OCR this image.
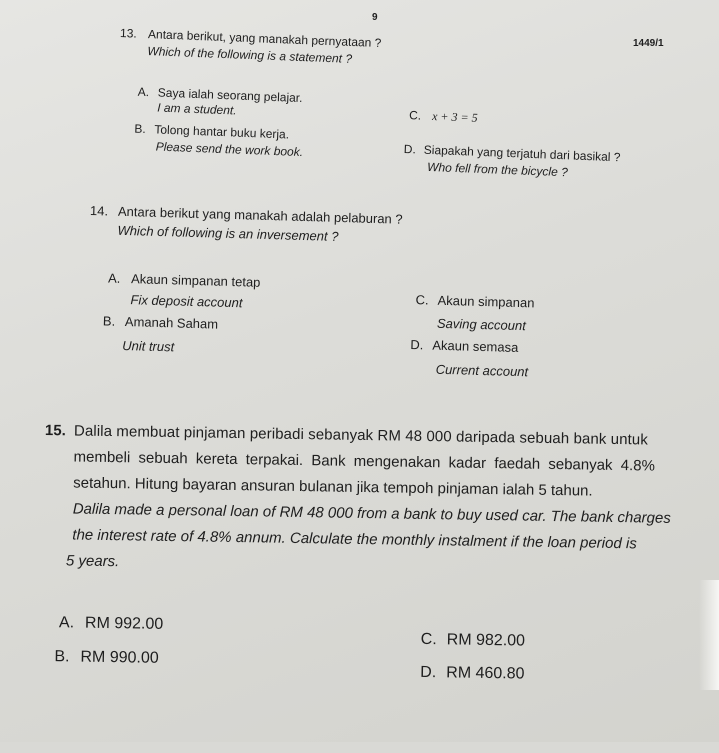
9
1449/1
13. Antara berikut, yang manakah pernyataan ?
Which of the following is a statement ?
A. Saya ialah seorang pelajar.
I am a student.
B. Tolong hantar buku kerja.
Please send the work book.
C. x + 3 = 5
D. Siapakah yang terjatuh dari basikal ?
Who fell from the bicycle ?
14. Antara berikut yang manakah adalah pelaburan ?
Which of following is an inversement ?
A. Akaun simpanan tetap
Fix deposit account
B. Amanah Saham
Unit trust
C. Akaun simpanan
Saving account
D. Akaun semasa
Current account
15. Dalila membuat pinjaman peribadi sebanyak RM 48 000 daripada sebuah bank untuk
membeli sebuah kereta terpakai. Bank mengenakan kadar faedah sebanyak 4.8%
setahun. Hitung bayaran ansuran bulanan jika tempoh pinjaman ialah 5 tahun.
Dalila made a personal loan of RM 48 000 from a bank to buy used car. The bank charges
the interest rate of 4.8% annum. Calculate the monthly instalment if the loan period is
5 years.
A. RM 992.00
B. RM 990.00
C. RM 982.00
D. RM 460.80
